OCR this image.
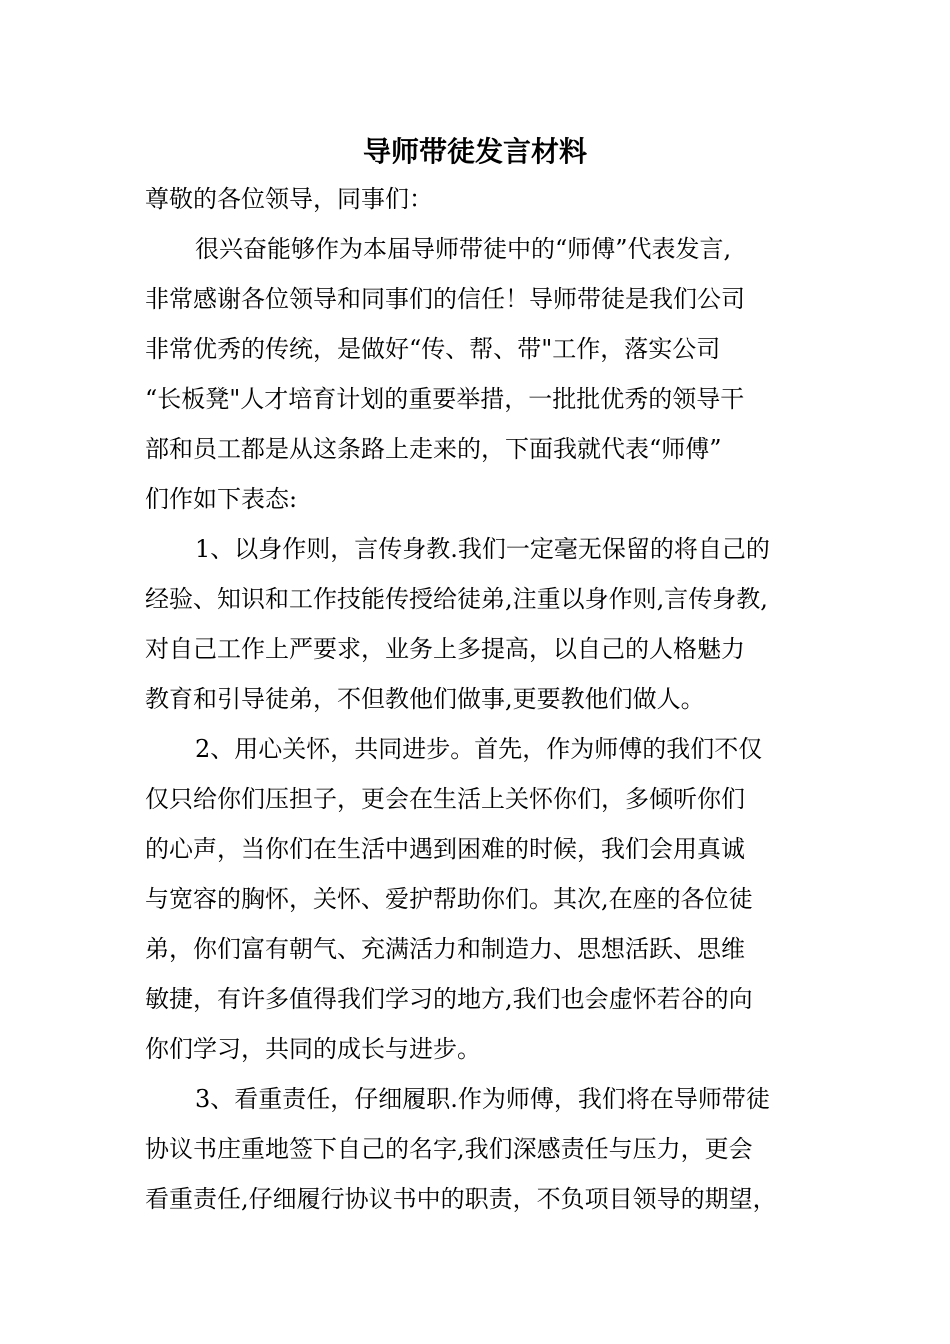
导师带徒发言材料

尊敬的各位领导，同事们：

很兴奋能够作为本届导师带徒中的“师傅”代表发言,

非常感谢各位领导和同事们的信任！导师带徒是我们公司

非常优秀的传统，是做好“传、帮、带"工作，落实公司

“长板凳"人才培育计划的重要举措，一批批优秀的领导干

部和员工都是从这条路上走来的，下面我就代表“师傅”

们作如下表态:

1、以身作则，言传身教.我们一定毫无保留的将自己的

经验、知识和工作技能传授给徒弟,注重以身作则,言传身教,

对自己工作上严要求，业务上多提高，以自己的人格魅力

教育和引导徒弟，不但教他们做事,更要教他们做人。

2、用心关怀，共同进步。首先，作为师傅的我们不仅

仅只给你们压担子，更会在生活上关怀你们，多倾听你们

的心声，当你们在生活中遇到困难的时候，我们会用真诚

与宽容的胸怀，关怀、爱护帮助你们。其次,在座的各位徒

弟，你们富有朝气、充满活力和制造力、思想活跃、思维

敏捷，有许多值得我们学习的地方,我们也会虚怀若谷的向

你们学习，共同的成长与进步。

3、看重责任，仔细履职.作为师傅，我们将在导师带徒

协议书庄重地签下自己的名字,我们深感责任与压力，更会

看重责任,仔细履行协议书中的职责，不负项目领导的期望，
